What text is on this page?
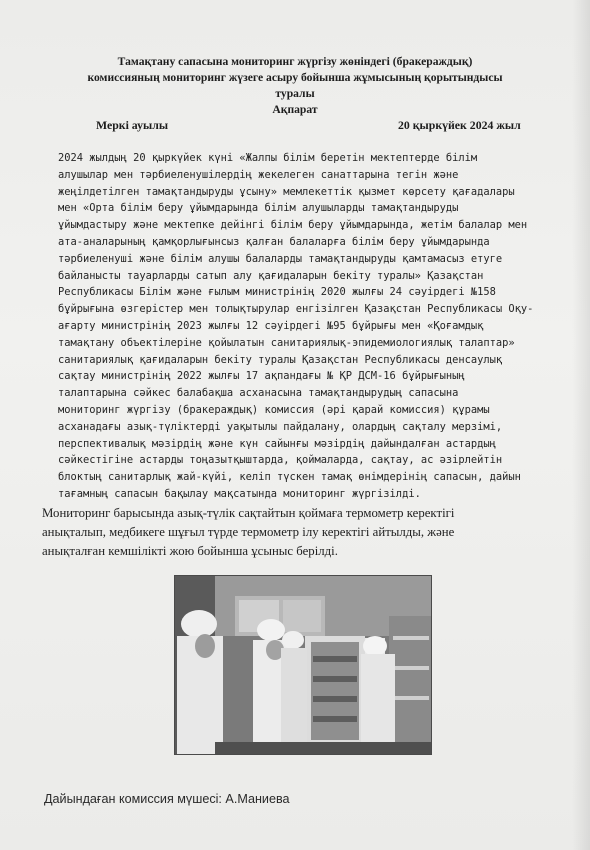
Тамақтану сапасына мониторинг жүргізу жөніндегі (бракераждық)
комиссияның мониторинг жүзеге асыру бойынша жұмысының қорытындысы
туралы
Ақпарат
Меркі ауылы	20 қыркүйек 2024 жыл
2024 жылдың 20 қыркүйек күні «Жалпы білім беретін мектептерде білім
алушылар мен тәрбиеленушілердің жекелеген санаттарына тегін және
жеңілдетілген тамақтандыруды ұсыну» мемлекеттік қызмет көрсету қағадалары
мен «Орта білім беру ұйымдарында білім алушыларды тамақтандыруды
ұйымдастыру және мектепке дейінгі білім беру ұйымдарында, жетім балалар мен
ата-аналарының қамқорлығынсыз қалған балаларға білім беру ұйымдарында
тәрбиеленуші және білім алушы балаларды тамақтандыруды қамтамасыз етуге
байланысты тауарларды сатып алу қағидаларын бекіту туралы» Қазақстан
Республикасы Білім және ғылым министрінің 2020 жылғы 24 сәуірдегі №158
бұйрығына өзгерістер мен толықтырулар енгізілген Қазақстан Республикасы Оқу-
ағарту министрінің 2023 жылғы 12 сәуірдегі №95 бұйрығы мен «Қоғамдық
тамақтану объектілеріне қойылатын санитариялық-эпидемиологиялық талаптар»
санитариялық қағидаларын бекіту туралы Қазақстан Республикасы денсаулық
сақтау министрінің 2022 жылғы 17 ақпандағы № ҚР ДСМ-16 бұйрығының
талаптарына сәйкес балабақша асханасына тамақтандырудың сапасына
мониторинг жүргізу (бракераждық) комиссия (әрі қарай комиссия) құрамы
асханадағы азық-түліктерді уақытылы пайдалану, олардың сақталу мерзімі,
перспективалық мәзірдің және күн сайынғы мәзірдің дайындалған астардың
сәйкестігіне астарды тоңазытқыштарда, қоймаларда, сақтау, ас әзірлейтін
блоктың санитарлық жай-күйі, келіп түскен тамақ өнімдерінің сапасын, дайын
тағамның сапасын бақылау мақсатында мониторинг жүргізілді.
Мониторинг барысында азық-түлік сақтайтын қоймаға термометр керектігі
анықталып, медбикеге шұғыл түрде термометр ілу керектігі айтылды, және
анықталған кемшілікті жою бойынша ұсыныс берілді.
Дайындаған комиссия мүшесі: А.Маниева
